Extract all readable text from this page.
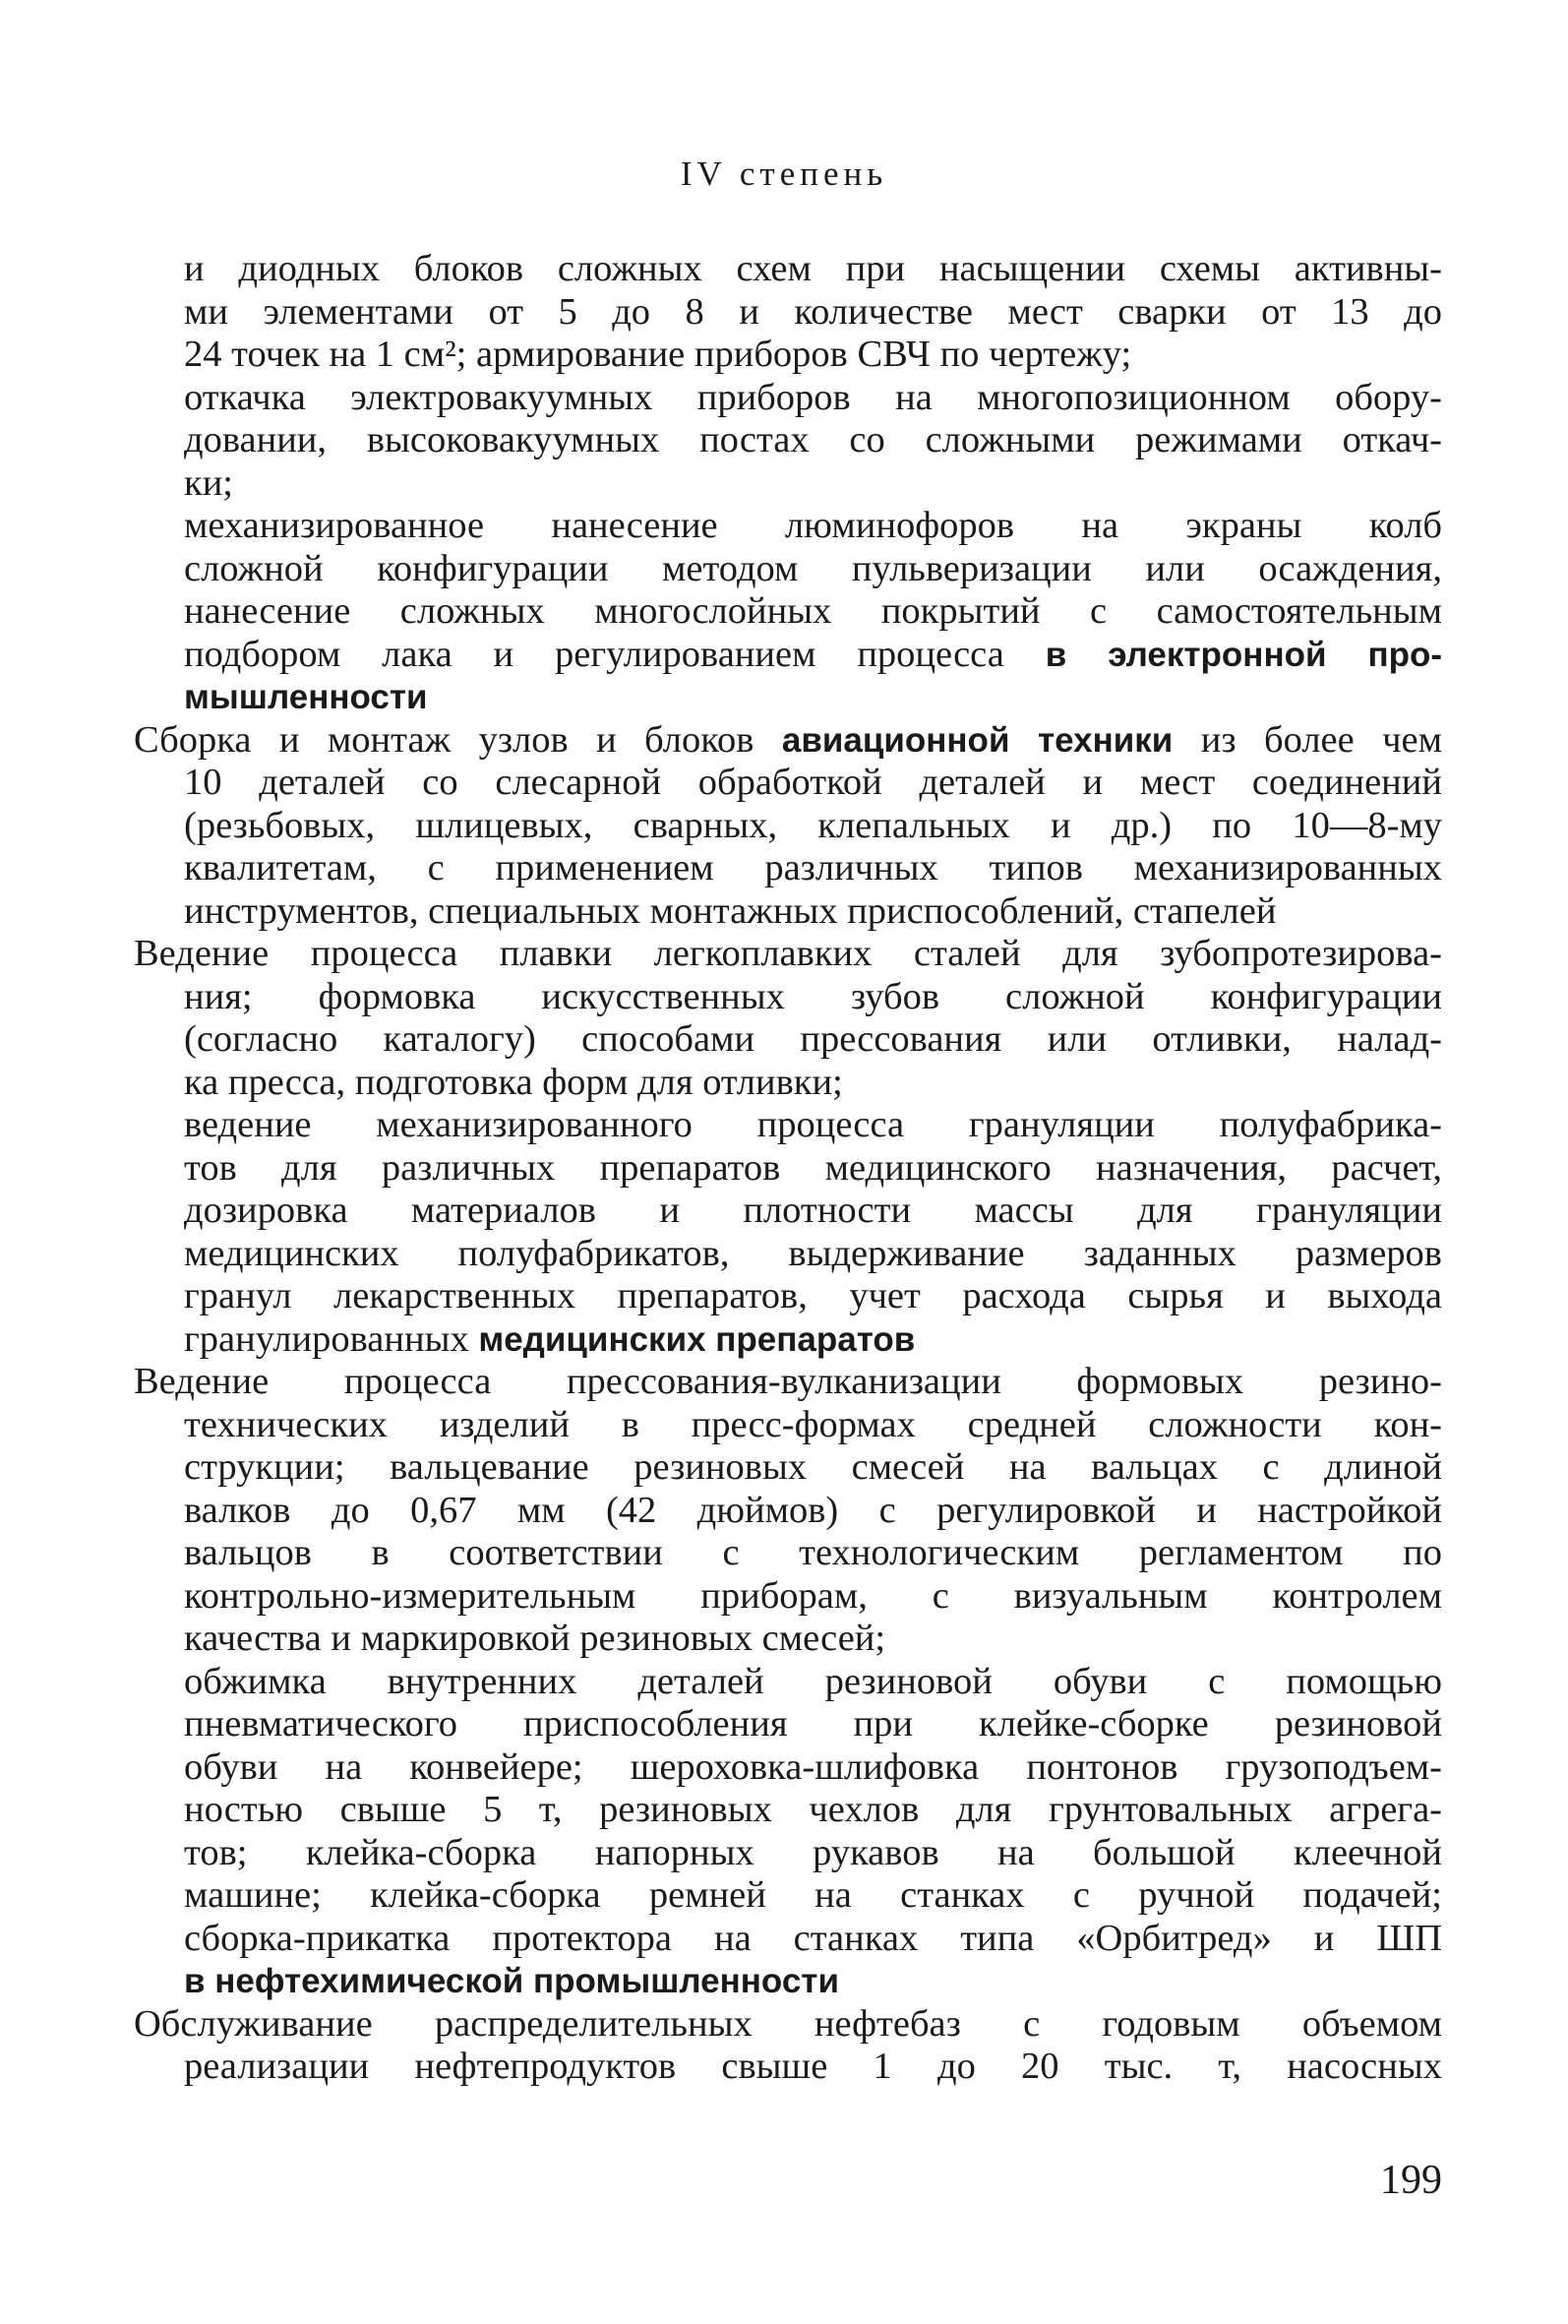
IV степень
и диодных блоков сложных схем при насыщении схемы активны-
ми элементами от 5 до 8 и количестве мест сварки от 13 до
24 точек на 1 см²; армирование приборов СВЧ по чертежу;
откачка электровакуумных приборов на многопозиционном обору-
довании, высоковакуумных постах со сложными режимами откач-
ки;
механизированное нанесение люминофоров на экраны колб
сложной конфигурации методом пульверизации или осаждения,
нанесение сложных многослойных покрытий с самостоятельным
подбором лака и регулированием процесса в электронной про-
мышленности
Сборка и монтаж узлов и блоков авиационной техники из более чем
10 деталей со слесарной обработкой деталей и мест соединений
(резьбовых, шлицевых, сварных, клепальных и др.) по 10—8-му
квалитетам, с применением различных типов механизированных
инструментов, специальных монтажных приспособлений, стапелей
Ведение процесса плавки легкоплавких сталей для зубопротезирова-
ния; формовка искусственных зубов сложной конфигурации
(согласно каталогу) способами прессования или отливки, налад-
ка пресса, подготовка форм для отливки;
ведение механизированного процесса грануляции полуфабрика-
тов для различных препаратов медицинского назначения, расчет,
дозировка материалов и плотности массы для грануляции
медицинских полуфабрикатов, выдерживание заданных размеров
гранул лекарственных препаратов, учет расхода сырья и выхода
гранулированных медицинских препаратов
Ведение процесса прессования-вулканизации формовых резино-
технических изделий в пресс-формах средней сложности кон-
струкции; вальцевание резиновых смесей на вальцах с длиной
валков до 0,67 мм (42 дюймов) с регулировкой и настройкой
вальцов в соответствии с технологическим регламентом по
контрольно-измерительным приборам, с визуальным контролем
качества и маркировкой резиновых смесей;
обжимка внутренних деталей резиновой обуви с помощью
пневматического приспособления при клейке-сборке резиновой
обуви на конвейере; шероховка-шлифовка понтонов грузоподъем-
ностью свыше 5 т, резиновых чехлов для грунтовальных агрега-
тов; клейка-сборка напорных рукавов на большой клеечной
машине; клейка-сборка ремней на станках с ручной подачей;
сборка-прикатка протектора на станках типа «Орбитред» и ШП
в нефтехимической промышленности
Обслуживание распределительных нефтебаз с годовым объемом
реализации нефтепродуктов свыше 1 до 20 тыс. т, насосных
199
